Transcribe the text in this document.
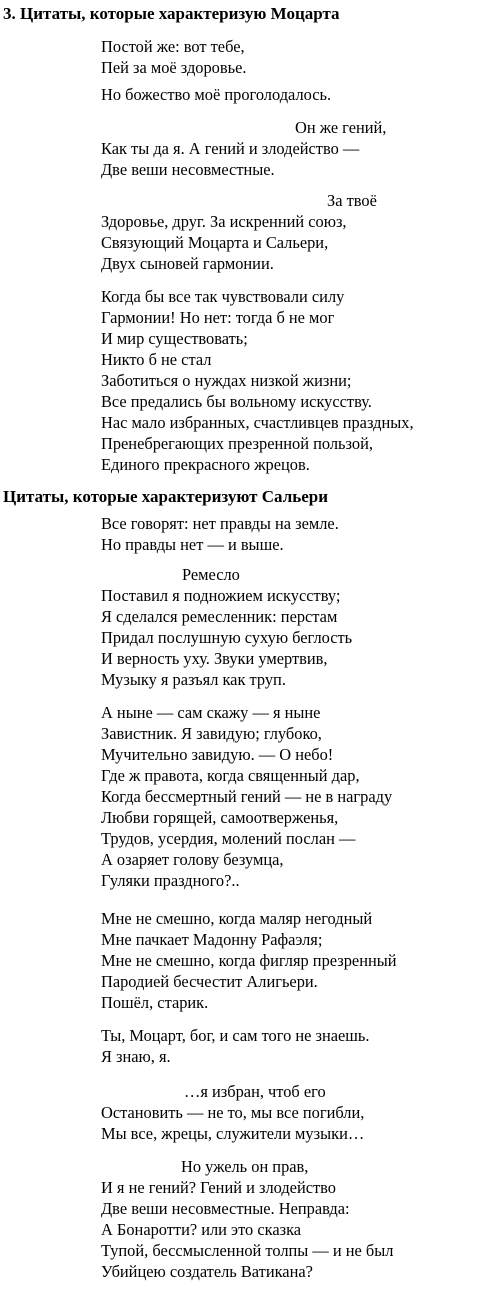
3. Цитаты, которые характеризую Моцарта
Постой же: вот тебе,
Пей за моё здоровье.
Но божество моё проголодалось.
Он же гений,
Как ты да я. А гений и злодейство —
Две веши несовместные.
За твоё
Здоровье, друг. За искренний союз,
Связующий Моцарта и Сальери,
Двух сыновей гармонии.
Когда бы все так чувствовали силу
Гармонии! Но нет: тогда б не мог
И мир существовать;
Никто б не стал
Заботиться о нуждах низкой жизни;
Все предались бы вольному искусству.
Нас мало избранных, счастливцев праздных,
Пренебрегающих презренной пользой,
Единого прекрасного жрецов.
Цитаты, которые характеризуют Сальери
Все говорят: нет правды на земле.
Но правды нет — и выше.
Ремесло
Поставил я подножием искусству;
Я сделался ремесленник: перстам
Придал послушную сухую беглость
И верность уху. Звуки умертвив,
Музыку я разъял как труп.
А ныне — сам скажу — я ныне
Завистник. Я завидую; глубоко,
Мучительно завидую. — О небо!
Где ж правота, когда священный дар,
Когда бессмертный гений — не в награду
Любви горящей, самоотверженья,
Трудов, усердия, молений послан —
А озаряет голову безумца,
Гуляки праздного?..
Мне не смешно, когда маляр негодный
Мне пачкает Мадонну Рафаэля;
Мне не смешно, когда фигляр презренный
Пародией бесчестит Алигьери.
Пошёл, старик.
Ты, Моцарт, бог, и сам того не знаешь.
Я знаю, я.
…я избран, чтоб его
Остановить — не то, мы все погибли,
Мы все, жрецы, служители музыки…
Но ужель он прав,
И я не гений? Гений и злодейство
Две веши несовместные. Неправда:
А Бонаротти? или это сказка
Тупой, бессмысленной толпы — и не был
Убийцею создатель Ватикана?
